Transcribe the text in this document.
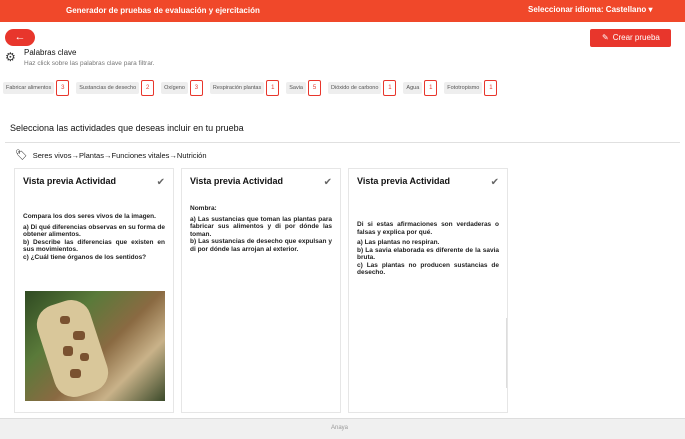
Generador de pruebas de evaluación y ejercitación	Seleccionar idioma: Castellano ▾
←	✎ Crear prueba
⚙ Palabras clave
Haz click sobre las palabras clave para filtrar.
Fabricar alimentos	3	Sustancias de desecho	2	Oxígeno	3	Respiración plantas	1	Savia	5	Dióxido de carbono	1	Agua	1	Fototropismo	1
Selecciona las actividades que deseas incluir en tu prueba
🏷 Seres vivos→Plantas→Funciones vitales→Nutrición
Vista previa Actividad	✔
Compara los dos seres vivos de la imagen.
a) Di qué diferencias observas en su forma de obtener alimentos.
b) Describe las diferencias que existen en sus movimientos.
c) ¿Cuál tiene órganos de los sentidos?
Vista previa Actividad	✔
Nombra:
a) Las sustancias que toman las plantas para fabricar sus alimentos y di por dónde las toman.
b) Las sustancias de desecho que expulsan y di por dónde las arrojan al exterior.
Vista previa Actividad	✔
Di si estas afirmaciones son verdaderas o falsas y explica por qué.
a) Las plantas no respiran.
b) La savia elaborada es diferente de la savia bruta.
c) Las plantas no producen sustancias de desecho.
Anaya
